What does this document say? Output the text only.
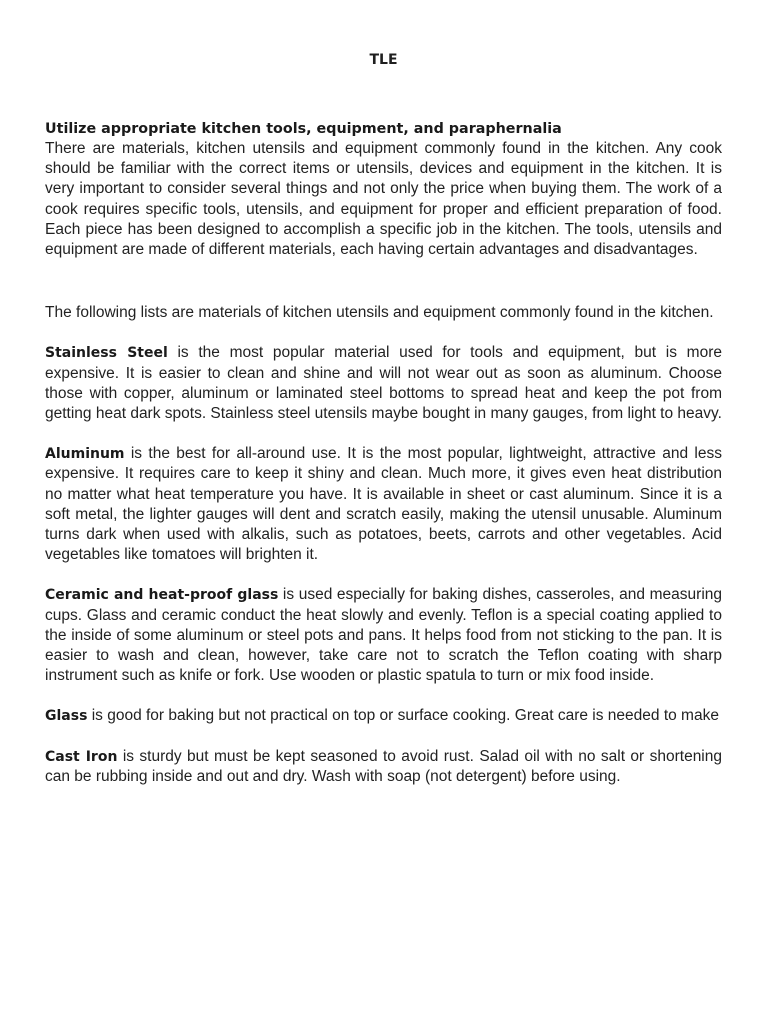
TLE
Utilize appropriate kitchen tools, equipment, and paraphernalia

There are materials, kitchen utensils and equipment commonly found in the kitchen. Any cook should be familiar with the correct items or utensils, devices and equipment in the kitchen. It is very important to consider several things and not only the price when buying them. The work of a cook requires specific tools, utensils, and equipment for proper and efficient preparation of food. Each piece has been designed to accomplish a specific job in the kitchen. The tools, utensils and equipment are made of different materials, each having certain advantages and disadvantages.

The following lists are materials of kitchen utensils and equipment commonly found in the kitchen.

Stainless Steel is the most popular material used for tools and equipment, but is more expensive. It is easier to clean and shine and will not wear out as soon as aluminum. Choose those with copper, aluminum or laminated steel bottoms to spread heat and keep the pot from getting heat dark spots. Stainless steel utensils maybe bought in many gauges, from light to heavy.

Aluminum is the best for all-around use. It is the most popular, lightweight, attractive and less expensive. It requires care to keep it shiny and clean. Much more, it gives even heat distribution no matter what heat temperature you have. It is available in sheet or cast aluminum. Since it is a soft metal, the lighter gauges will dent and scratch easily, making the utensil unusable. Aluminum turns dark when used with alkalis, such as potatoes, beets, carrots and other vegetables. Acid vegetables like tomatoes will brighten it.

Ceramic and heat-proof glass is used especially for baking dishes, casseroles, and measuring cups. Glass and ceramic conduct the heat slowly and evenly. Teflon is a special coating applied to the inside of some aluminum or steel pots and pans. It helps food from not sticking to the pan. It is easier to wash and clean, however, take care not to scratch the Teflon coating with sharp instrument such as knife or fork. Use wooden or plastic spatula to turn or mix food inside.

Glass is good for baking but not practical on top or surface cooking. Great care is needed to make

Cast Iron is sturdy but must be kept seasoned to avoid rust. Salad oil with no salt or shortening can be rubbing inside and out and dry. Wash with soap (not detergent) before using.
